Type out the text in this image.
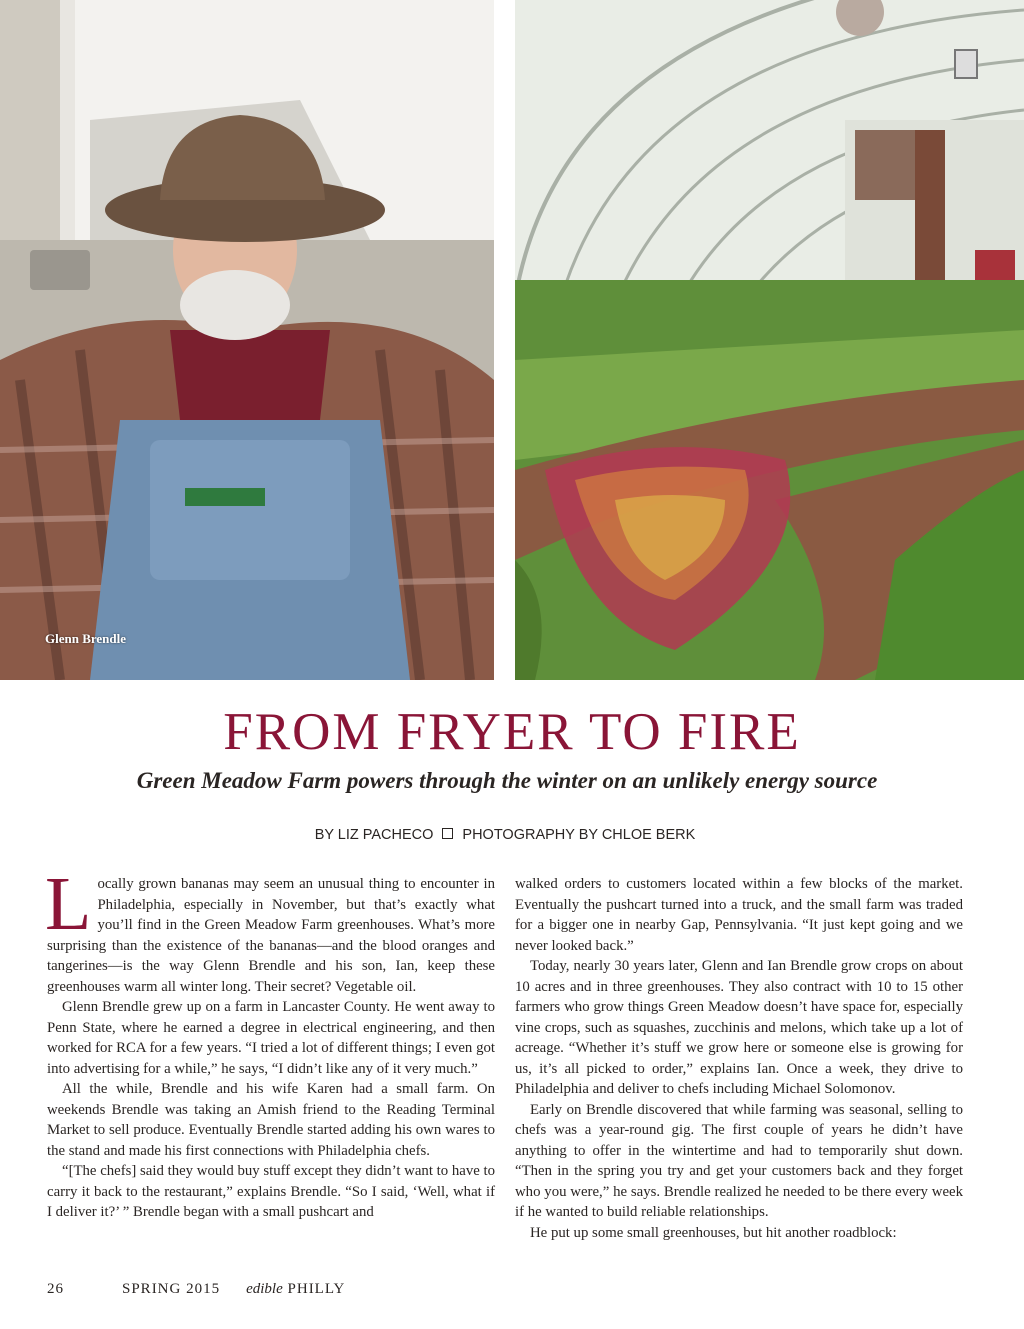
Glenn Brendle

FROM FRYER TO FIRE
Green Meadow Farm powers through the winter on an unlikely energy source

BY LIZ PACHECO PHOTOGRAPHY BY CHLOE BERK

Locally grown bananas may seem an unusual thing to encounter in Philadelphia, especially in November, but that’s exactly what you’ll find in the Green Meadow Farm greenhouses. What’s more surprising than the existence of the bananas—and the blood oranges and tangerines—is the way Glenn Brendle and his son, Ian, keep these greenhouses warm all winter long. Their secret? Vegetable oil.

Glenn Brendle grew up on a farm in Lancaster County. He went away to Penn State, where he earned a degree in electrical engineering, and then worked for RCA for a few years. “I tried a lot of different things; I even got into advertising for a while,” he says, “I didn’t like any of it very much.”

All the while, Brendle and his wife Karen had a small farm. On weekends Brendle was taking an Amish friend to the Reading Terminal Market to sell produce. Eventually Brendle started adding his own wares to the stand and made his first connections with Philadelphia chefs.

“[The chefs] said they would buy stuff except they didn’t want to have to carry it back to the restaurant,” explains Brendle. “So I said, ‘Well, what if I deliver it?’ ” Brendle began with a small pushcart and

walked orders to customers located within a few blocks of the market. Eventually the pushcart turned into a truck, and the small farm was traded for a bigger one in nearby Gap, Pennsylvania. “It just kept going and we never looked back.”

Today, nearly 30 years later, Glenn and Ian Brendle grow crops on about 10 acres and in three greenhouses. They also contract with 10 to 15 other farmers who grow things Green Meadow doesn’t have space for, especially vine crops, such as squashes, zucchinis and melons, which take up a lot of acreage. “Whether it’s stuff we grow here or someone else is growing for us, it’s all picked to order,” explains Ian. Once a week, they drive to Philadelphia and deliver to chefs including Michael Solomonov.

Early on Brendle discovered that while farming was seasonal, selling to chefs was a year-round gig. The first couple of years he didn’t have anything to offer in the wintertime and had to temporarily shut down. “Then in the spring you try and get your customers back and they forget who you were,” he says. Brendle realized he needed to be there every week if he wanted to build reliable relationships.

He put up some small greenhouses, but hit another roadblock:

26	SPRING 2015 edible PHILLY
